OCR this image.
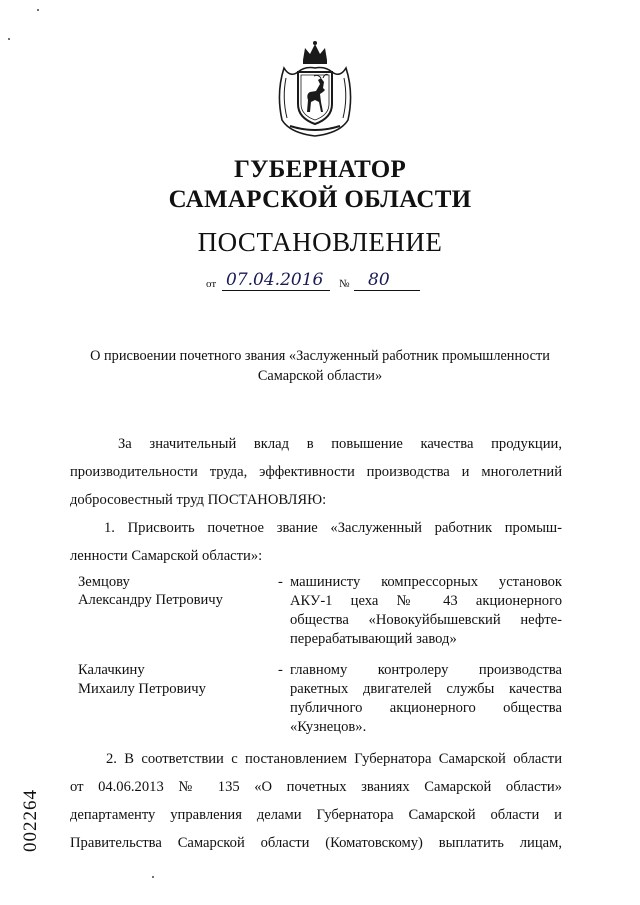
ГУБЕРНАТОР
САМАРСКОЙ ОБЛАСТИ
ПОСТАНОВЛЕНИЕ
от 07.04.2016 № 80
О присвоении почетного звания «Заслуженный работник промышленности
Самарской области»
За значительный вклад в повышение качества продукции,
производительности труда, эффективности производства и многолетний
добросовестный труд ПОСТАНОВЛЯЮ:
1. Присвоить почетное звание «Заслуженный работник промыш-
ленности Самарской области»:
Земцову
Александру Петровичу
- машинисту компрессорных установок
АКУ-1 цеха № 43 акционерного
общества «Новокуйбышевский нефте-
перерабатывающий завод»
Калачкину
Михаилу Петровичу
- главному контролеру производства
ракетных двигателей службы качества
публичного акционерного общества
«Кузнецов».
2. В соответствии с постановлением Губернатора Самарской области
от 04.06.2013 № 135 «О почетных званиях Самарской области»
департаменту управления делами Губернатора Самарской области и
Правительства Самарской области (Коматовскому) выплатить лицам,
002264
